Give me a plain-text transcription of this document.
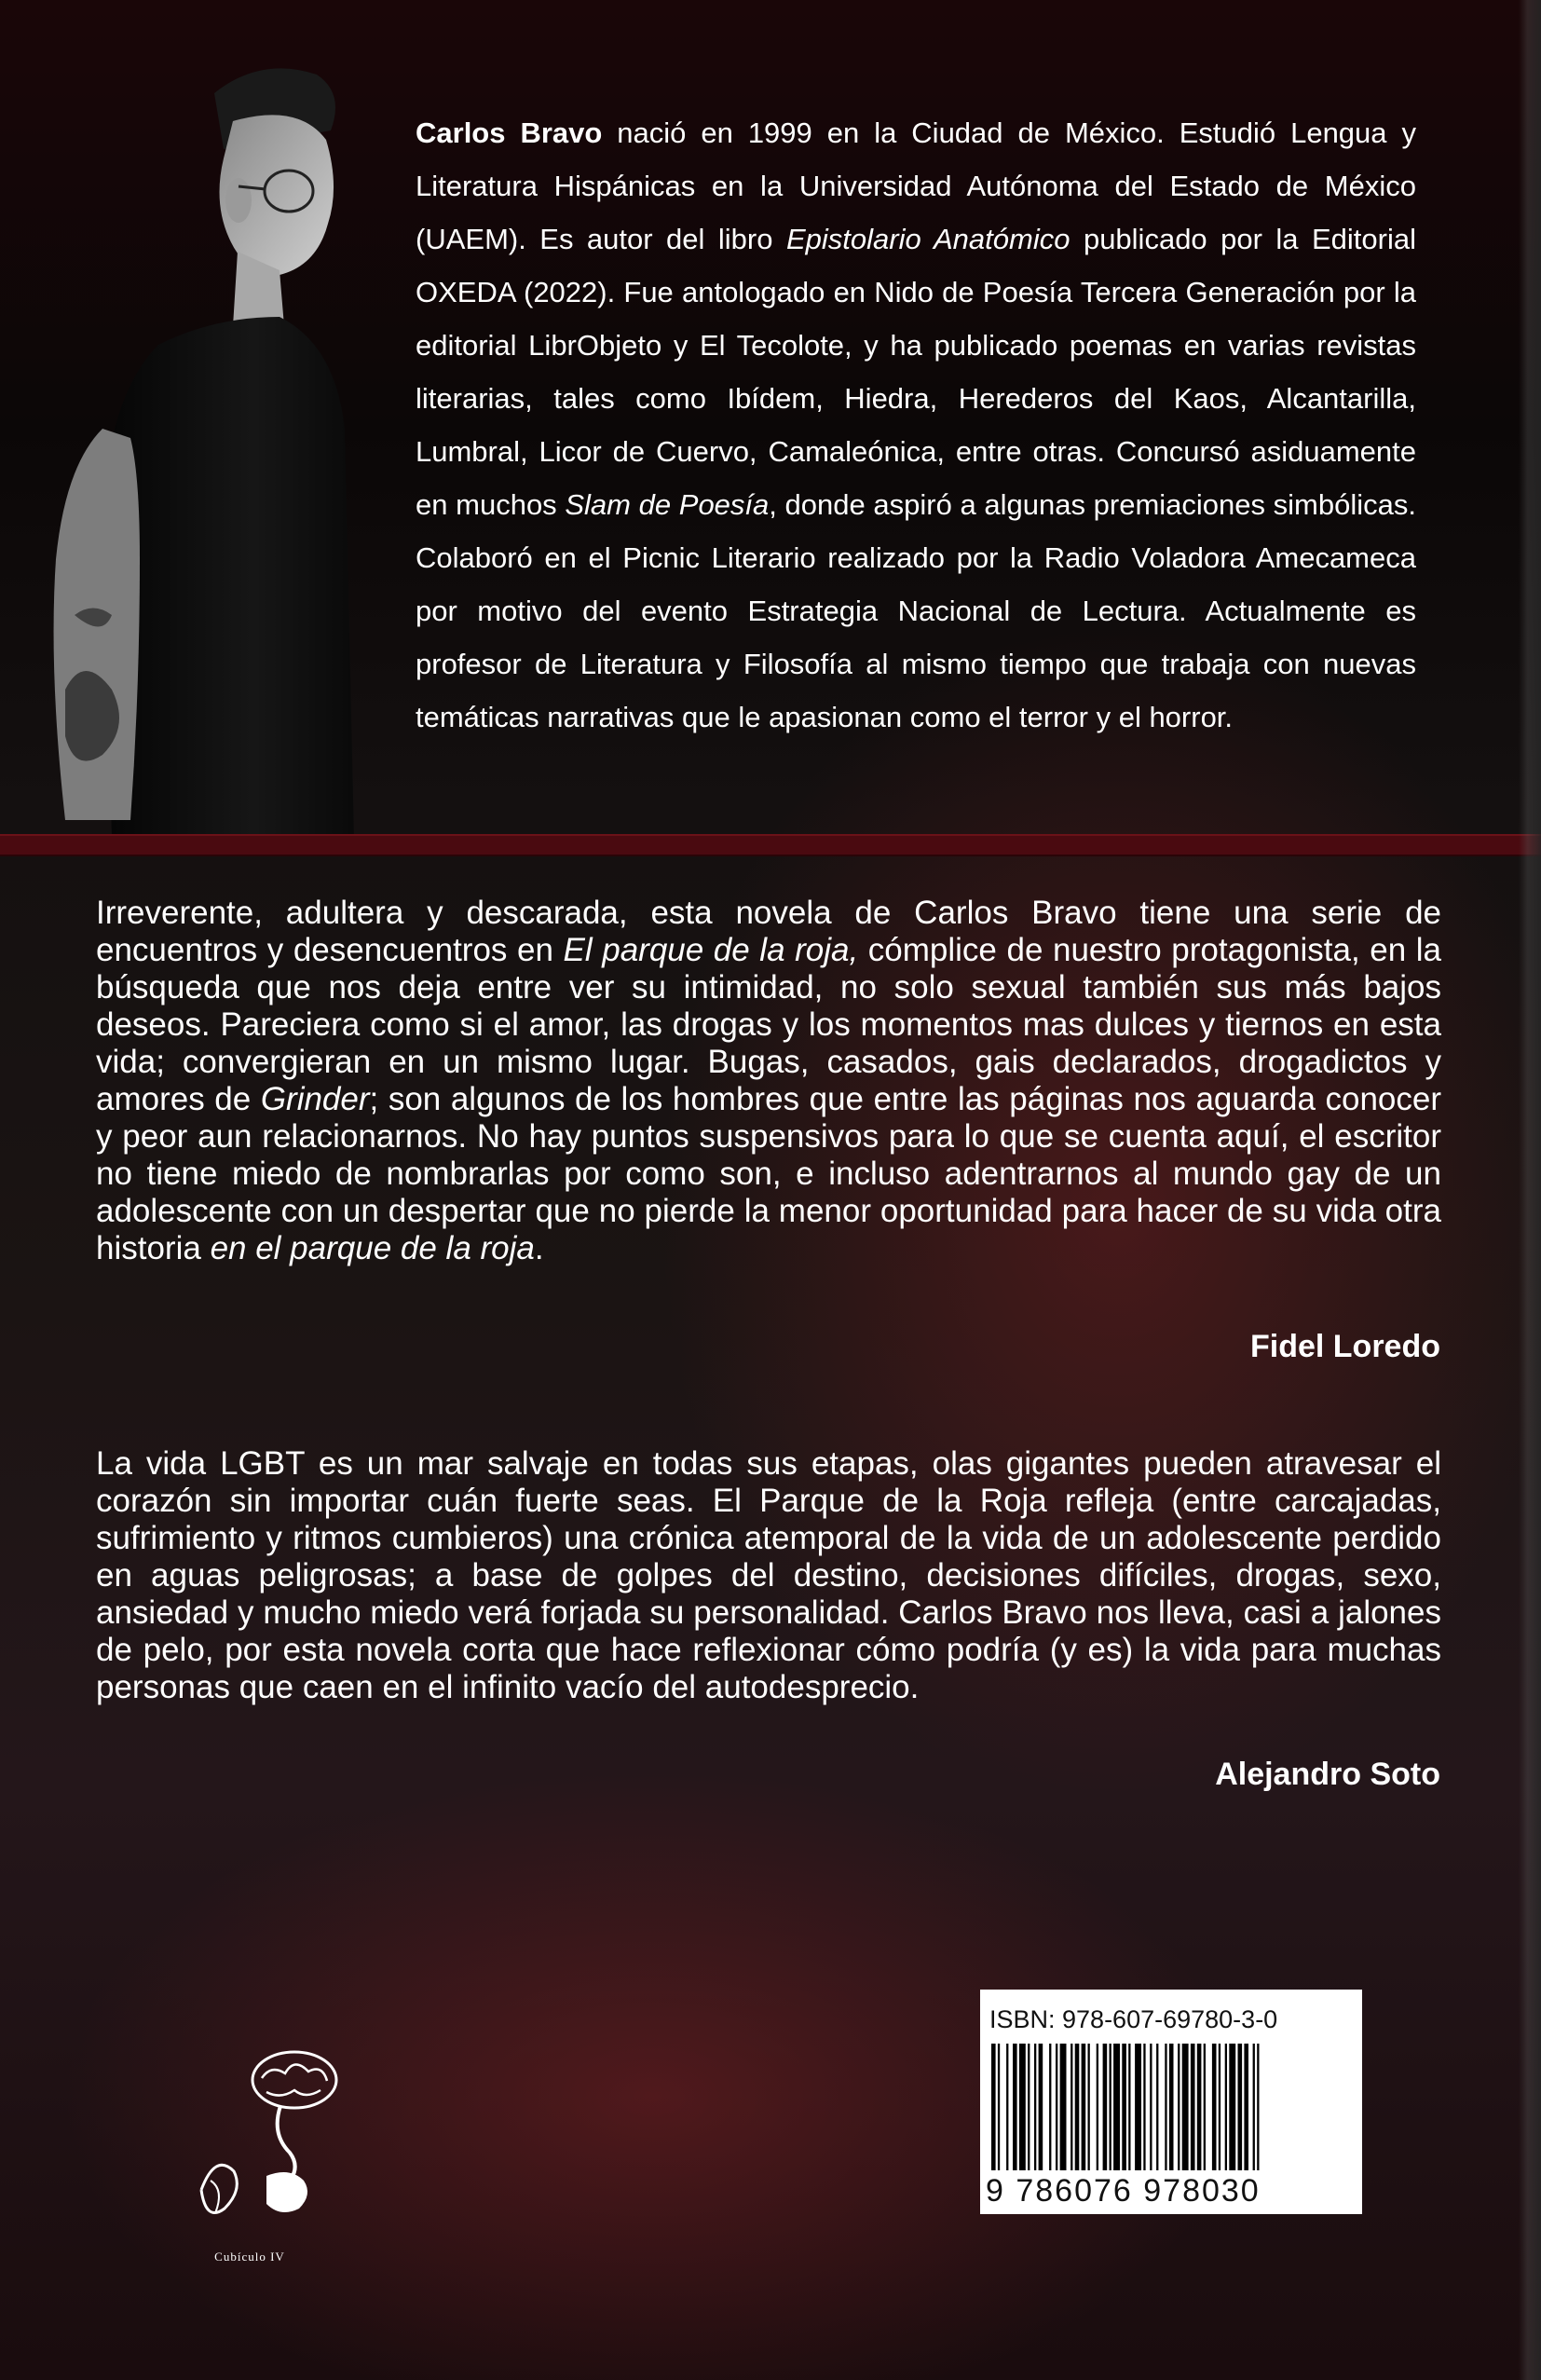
Carlos Bravo nació en 1999 en la Ciudad de México. Estudió Lengua y Literatura Hispánicas en la Universidad Autónoma del Estado de México (UAEM). Es autor del libro Epistolario Anatómico publicado por la Editorial OXEDA (2022). Fue antologado en Nido de Poesía Tercera Generación por la editorial LibrObjeto y El Tecolote, y ha publicado poemas en varias revistas literarias, tales como Ibídem, Hiedra, Herederos del Kaos, Alcantarilla, Lumbral, Licor de Cuervo, Camaleónica, entre otras. Concursó asiduamente en muchos Slam de Poesía, donde aspiró a algunas premiaciones simbólicas. Colaboró en el Picnic Literario realizado por la Radio Voladora Amecameca por motivo del evento Estrategia Nacional de Lectura. Actualmente es profesor de Literatura y Filosofía al mismo tiempo que trabaja con nuevas temáticas narrativas que le apasionan como el terror y el horror.
Irreverente, adultera y descarada, esta novela de Carlos Bravo tiene una serie de encuentros y desencuentros en El parque de la roja, cómplice de nuestro protagonista, en la búsqueda que nos deja entre ver su intimidad, no solo sexual también sus más bajos deseos. Pareciera como si el amor, las drogas y los momentos mas dulces y tiernos en esta vida; convergieran en un mismo lugar. Bugas, casados, gais declarados, drogadictos y amores de Grinder; son algunos de los hombres que entre las páginas nos aguarda conocer y peor aun relacionarnos. No hay puntos suspensivos para lo que se cuenta aquí, el escritor no tiene miedo de nombrarlas por como son, e incluso adentrarnos al mundo gay de un adolescente con un despertar que no pierde la menor oportunidad para hacer de su vida otra historia en el parque de la roja.
Fidel Loredo
La vida LGBT es un mar salvaje en todas sus etapas, olas gigantes pueden atravesar el corazón sin importar cuán fuerte seas. El Parque de la Roja refleja (entre carcajadas, sufrimiento y ritmos cumbieros) una crónica atemporal de la vida de un adolescente perdido en aguas peligrosas; a base de golpes del destino, decisiones difíciles, drogas, sexo, ansiedad y mucho miedo verá forjada su personalidad. Carlos Bravo nos lleva, casi a jalones de pelo, por esta novela corta que hace reflexionar cómo podría (y es) la vida para muchas personas que caen en el infinito vacío del autodesprecio.
Alejandro Soto
Cubículo IV
ISBN: 978-607-69780-3-0
9 786076 978030
